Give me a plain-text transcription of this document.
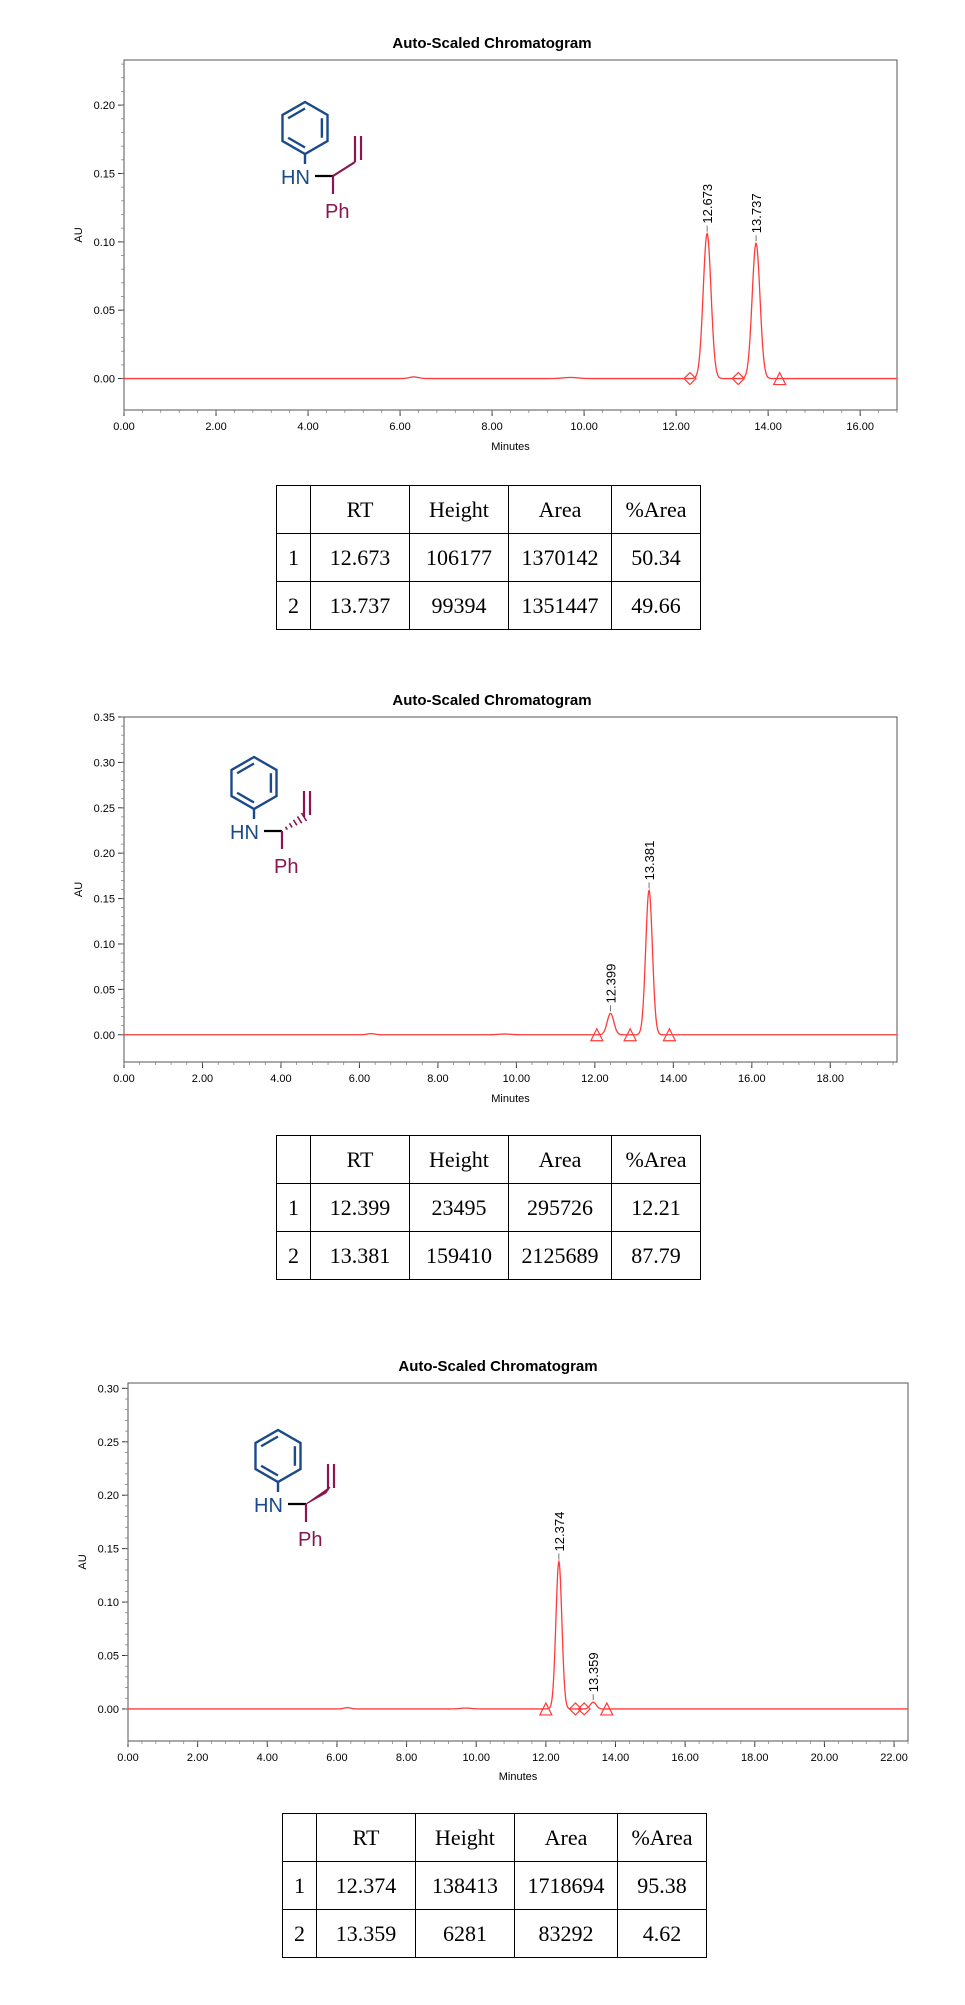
Auto-Scaled Chromatogram
0.00	2.00	4.00	6.00	8.00	10.00	12.00	14.00	16.00
0.00
0.05
0.10
0.15
0.20
Minutes
AU
12.673	13.737
HN
Ph
	RT	Height	Area	%Area
1	12.673	106177	1370142	50.34
2	13.737	99394	1351447	49.66
Auto-Scaled Chromatogram
0.00	2.00	4.00	6.00	8.00	10.00	12.00	14.00	16.00	18.00
0.00
0.05
0.10
0.15
0.20
0.25
0.30
0.35
Minutes
AU
12.399
13.381
HN
Ph
	RT	Height	Area	%Area
1	12.399	23495	295726	12.21
2	13.381	159410	2125689	87.79
Auto-Scaled Chromatogram
0.00	2.00	4.00	6.00	8.00	10.00	12.00	14.00	16.00	18.00	20.00	22.00
0.00
0.05
0.10
0.15
0.20
0.25
0.30
Minutes
AU
12.374
13.359
HN
Ph
	RT	Height	Area	%Area
1	12.374	138413	1718694	95.38
2	13.359	6281	83292	4.62
